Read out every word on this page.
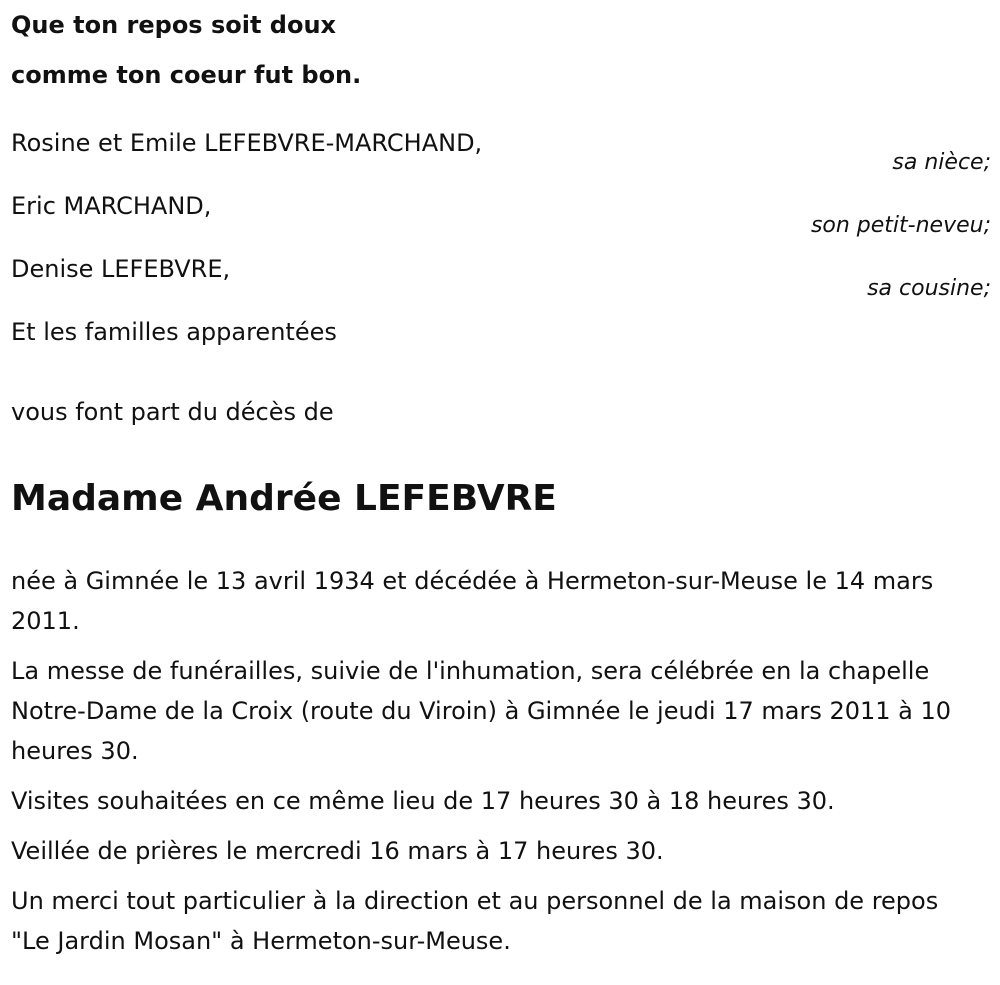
Que ton repos soit doux
comme ton coeur fut bon.
Rosine et Emile LEFEBVRE-MARCHAND,
sa nièce;
Eric MARCHAND,
son petit-neveu;
Denise LEFEBVRE,
sa cousine;
Et les familles apparentées
vous font part du décès de
Madame Andrée LEFEBVRE

née à Gimnée le 13 avril 1934 et décédée à Hermeton-sur-Meuse le 14 mars 2011.

La messe de funérailles, suivie de l'inhumation, sera célébrée en la chapelle Notre-Dame de la Croix (route du Viroin) à Gimnée le jeudi 17 mars 2011 à 10 heures 30.

Visites souhaitées en ce même lieu de 17 heures 30 à 18 heures 30.

Veillée de prières le mercredi 16 mars à 17 heures 30.

Un merci tout particulier à la direction et au personnel de la maison de repos "Le Jardin Mosan" à Hermeton-sur-Meuse.
